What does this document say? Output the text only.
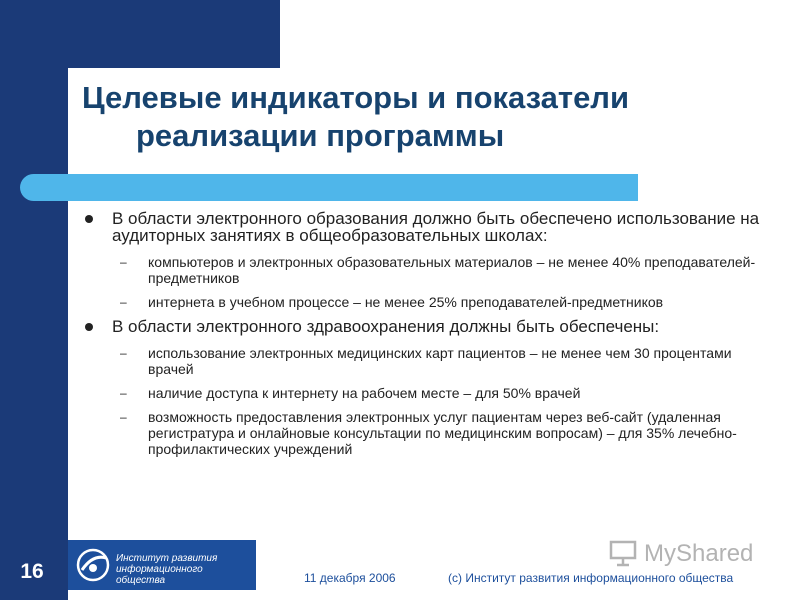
Целевые индикаторы и показатели
реализации программы
В области электронного образования должно быть обеспечено использование на аудиторных занятиях в общеобразовательных школах:
– компьютеров и электронных образовательных материалов – не менее 40% преподавателей-предметников
– интернета в учебном процессе – не менее 25% преподавателей-предметников
В области электронного здравоохранения должны быть обеспечены:
– использование электронных медицинских карт пациентов – не менее чем 30 процентами врачей
– наличие доступа к интернету на рабочем месте – для 50% врачей
– возможность предоставления электронных услуг пациентам через веб-сайт (удаленная регистратура и онлайновые консультации по медицинским вопросам) – для 35% лечебно-профилактических учреждений
16
Институт развития информационного общества	11 декабря 2006	(c) Институт развития информационного общества
MyShared
